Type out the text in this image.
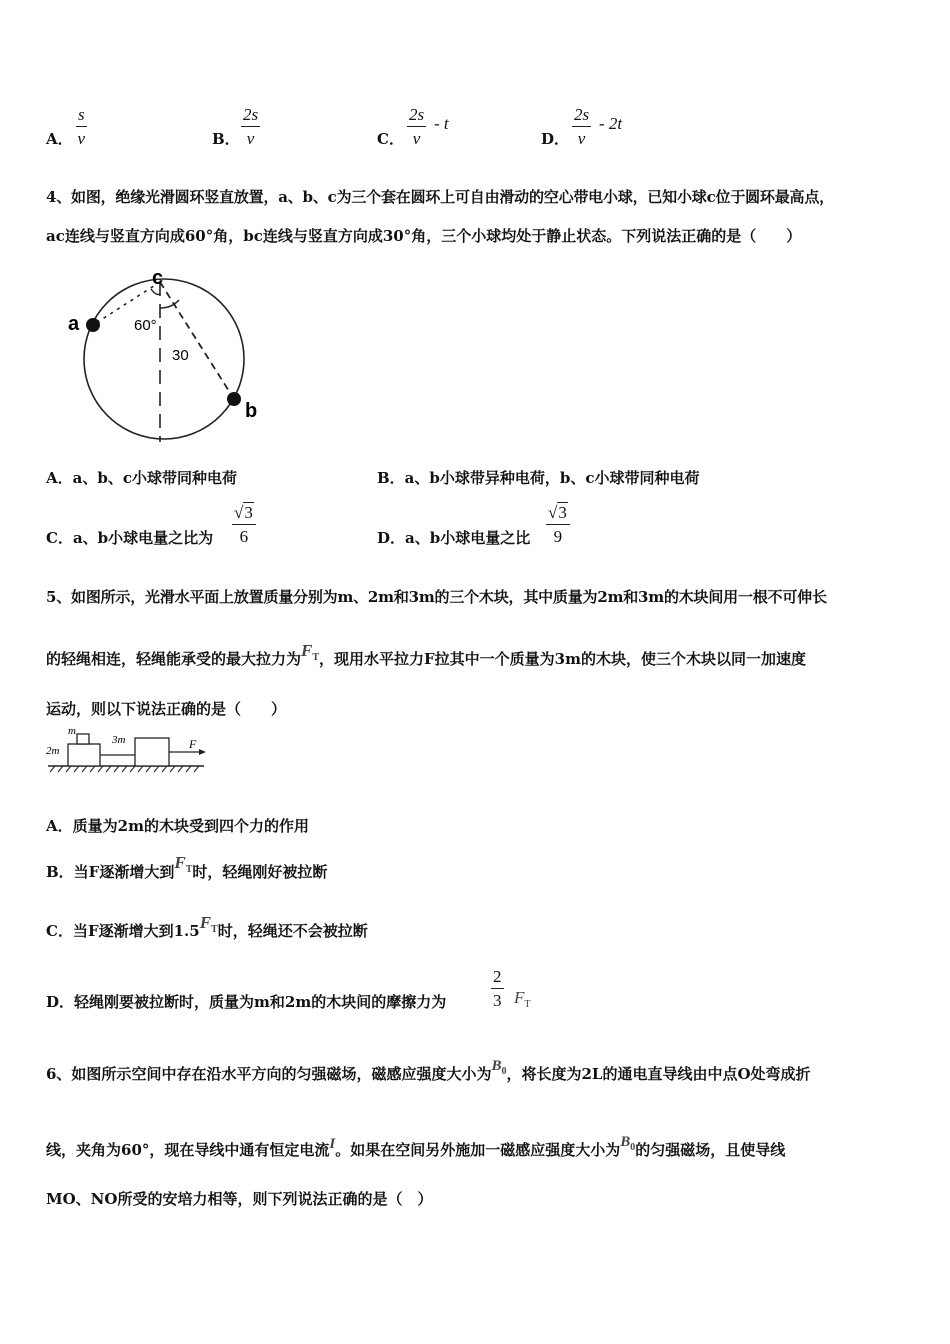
A． $\frac{s}{v}$	B． $\frac{2s}{v}$	C． $\frac{2s}{v}$ - t
D． $\frac{2s}{v} - 2t$
4、如图，绝缘光滑圆环竖直放置，a、b、c为三个套在圆环上可自由滑动的空心带电小球，已知小球c位于圆环最高点，
ac连线与竖直方向成60°角，bc连线与竖直方向成30°角，三个小球均处于静止状态。下列说法正确的是（　　）
c
a
b
60°
30
A．a、b、c小球带同种电荷	B．a、b小球带异种电荷，b、c小球带同种电荷
C．a、b小球电量之比为 $\frac{√3}{6}$	D．a、b小球电量之比 $\frac{√3}{9}$
5、如图所示，光滑水平面上放置质量分别为m、2m和3m的三个木块，其中质量为2m和3m的木块间用一根不可伸长
的轻绳相连，轻绳能承受的最大拉力为$F_T$，现用水平拉力F拉其中一个质量为3m的木块，使三个木块以同一加速度
运动，则以下说法正确的是（　　）
m
2m
3m	F
A．质量为2m的木块受到四个力的作用
B．当F逐渐增大到$F_T$时，轻绳刚好被拉断
C．当F逐渐增大到$1.5F_T$时，轻绳还不会被拉断
D．轻绳刚要被拉断时，质量为m和2m的木块间的摩擦力为	$\frac{2}{3} F_T$
6、如图所示空间中存在沿水平方向的匀强磁场，磁感应强度大小为$B_0$，将长度为2L的通电直导线由中点O处弯成折
线，夹角为60°，现在导线中通有恒定电流I。如果在空间另外施加一磁感应强度大小为$B_0$的匀强磁场，且使导线
MO、NO所受的安培力相等，则下列说法正确的是（　）
